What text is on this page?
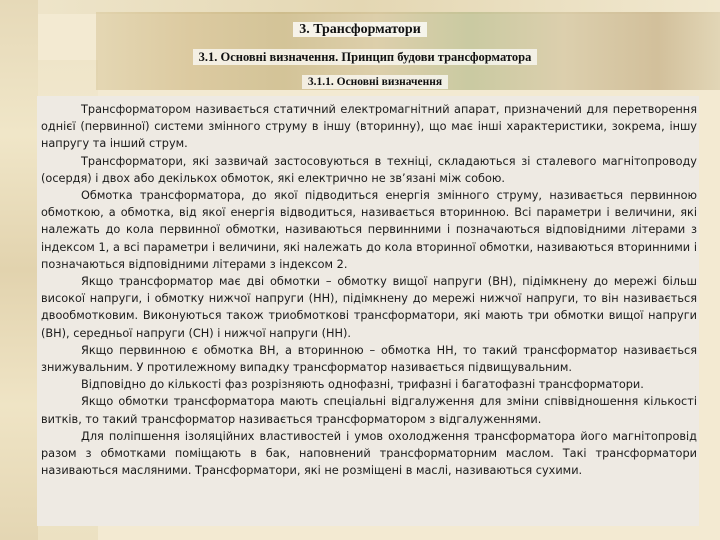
3. Трансформатори
3.1. Основні визначення. Принцип будови трансформатора
3.1.1. Основні визначення

Трансформатором називається статичний електромагнітний апарат, призначений для перетворення однієї (первинної) системи змінного струму в іншу (вторинну), що має інші характеристики, зокрема, іншу напругу та інший струм.

Трансформатори, які зазвичай застосовуються в техніці, складаються зі сталевого магнітопроводу (осердя) і двох або декількох обмоток, які електрично не зв’язані між собою.

Обмотка трансформатора, до якої підводиться енергія змінного струму, називається первинною обмоткою, а обмотка, від якої енергія відводиться, називається вторинною. Всі параметри і величини, які належать до кола первинної обмотки, називаються первинними і позначаються відповідними літерами з індексом 1, а всі параметри і величини, які належать до кола вторинної обмотки, називаються вторинними і позначаються відповідними літерами з індексом 2.

Якщо трансформатор має дві обмотки – обмотку вищої напруги (ВН), підімкнену до мережі більш високої напруги, і обмотку нижчої напруги (НН), підімкнену до мережі нижчої напруги, то він називається двообмотковим. Виконуються також триобмоткові трансформатори, які мають три обмотки вищої напруги (ВН), середньої напруги (СН) і нижчої напруги (НН).

Якщо первинною є обмотка ВН, а вторинною – обмотка НН, то такий трансформатор називається знижувальним. У протилежному випадку трансформатор називається підвищувальним.

Відповідно до кількості фаз розрізняють однофазні, трифазні і багатофазні трансформатори.

Якщо обмотки трансформатора мають спеціальні відгалуження для зміни співвідношення кількості витків, то такий трансформатор називається трансформатором з відгалуженнями.

Для поліпшення ізоляційних властивостей і умов охолодження трансформатора його магнітопровід разом з обмотками поміщають в бак, наповнений трансформаторним маслом. Такі трансформатори називаються масляними. Трансформатори, які не розміщені в маслі, називаються сухими.
